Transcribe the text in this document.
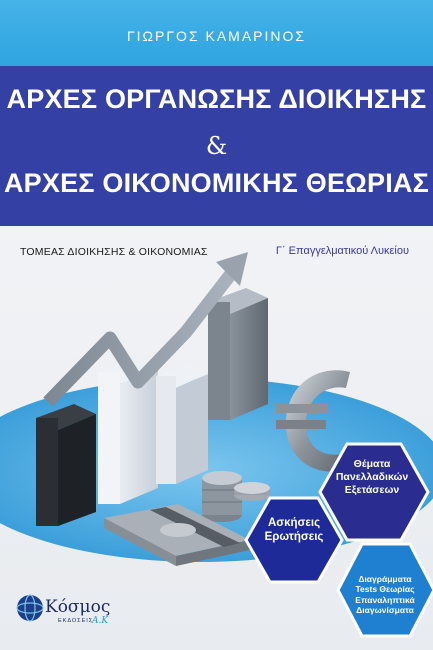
ΓΙΩΡΓΟΣ ΚΑΜΑΡΙΝΟΣ
ΑΡΧΕΣ ΟΡΓΑΝΩΣΗΣ ΔΙΟΙΚΗΣΗΣ
&
ΑΡΧΕΣ ΟΙΚΟΝΟΜΙΚΗΣ ΘΕΩΡΙΑΣ
ΤΟΜΕΑΣ ΔΙΟΙΚΗΣΗΣ & ΟΙΚΟΝΟΜΙΑΣ	Γ΄ Επαγγελματικού Λυκείου
Θέματα
Πανελλαδικών
Εξετάσεων
Ασκήσεις
Ερωτήσεις
Διαγράμματα
Tests Θεωρίας
Επαναληπτικά
Διαγωνίσματα
Κόσμος
ΕΚΔΟΣΕΙΣ
Α.Κ
